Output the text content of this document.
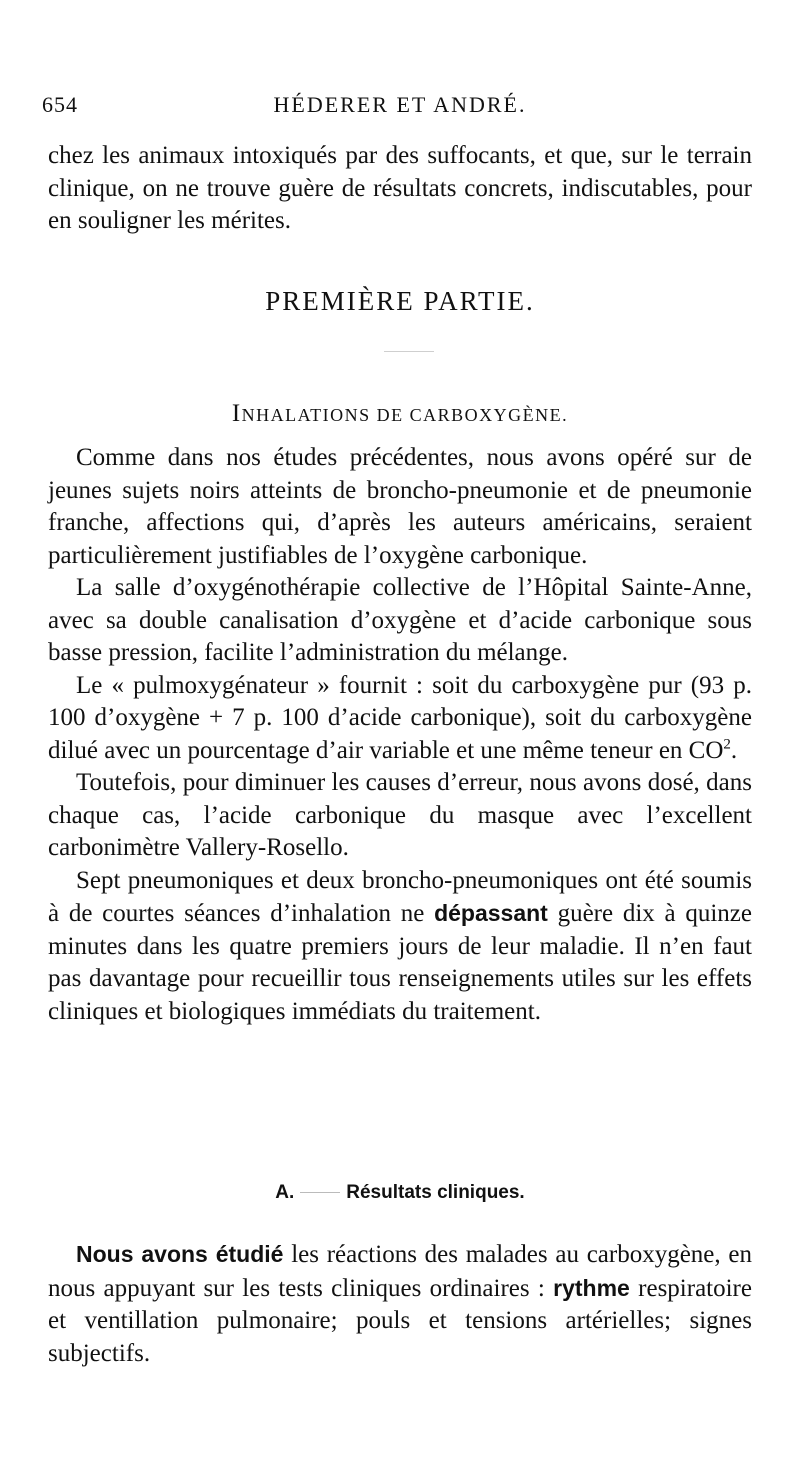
654	HÉDERER ET ANDRÉ.

chez les animaux intoxiqués par des suffocants, et que, sur le terrain clinique, on ne trouve guère de résultats concrets, indiscutables, pour en souligner les mérites.

PREMIÈRE PARTIE.
INHALATIONS DE CARBOXYGÈNE.

Comme dans nos études précédentes, nous avons opéré sur de jeunes sujets noirs atteints de broncho-pneumonie et de pneumonie franche, affections qui, d’après les auteurs américains, seraient particulièrement justifiables de l’oxygène carbonique.

La salle d’oxygénothérapie collective de l’Hôpital Sainte-Anne, avec sa double canalisation d’oxygène et d’acide carbonique sous basse pression, facilite l’administration du mélange.

Le « pulmoxygénateur » fournit : soit du carboxygène pur (93 p. 100 d’oxygène + 7 p. 100 d’acide carbonique), soit du carboxygène dilué avec un pourcentage d’air variable et une même teneur en $CO^2$.

Toutefois, pour diminuer les causes d’erreur, nous avons dosé, dans chaque cas, l’acide carbonique du masque avec l’excellent carbonimètre Vallery-Rosello.

Sept pneumoniques et deux broncho-pneumoniques ont été soumis à de courtes séances d’inhalation ne dépassant guère dix à quinze minutes dans les quatre premiers jours de leur maladie. Il n’en faut pas davantage pour recueillir tous renseignements utiles sur les effets cliniques et biologiques immédiats du traitement.

A.	Résultats cliniques.

Nous avons étudié les réactions des malades au carboxygène, en nous appuyant sur les tests cliniques ordinaires : rythme respiratoire et ventillation pulmonaire; pouls et tensions artérielles; signes subjectifs.
